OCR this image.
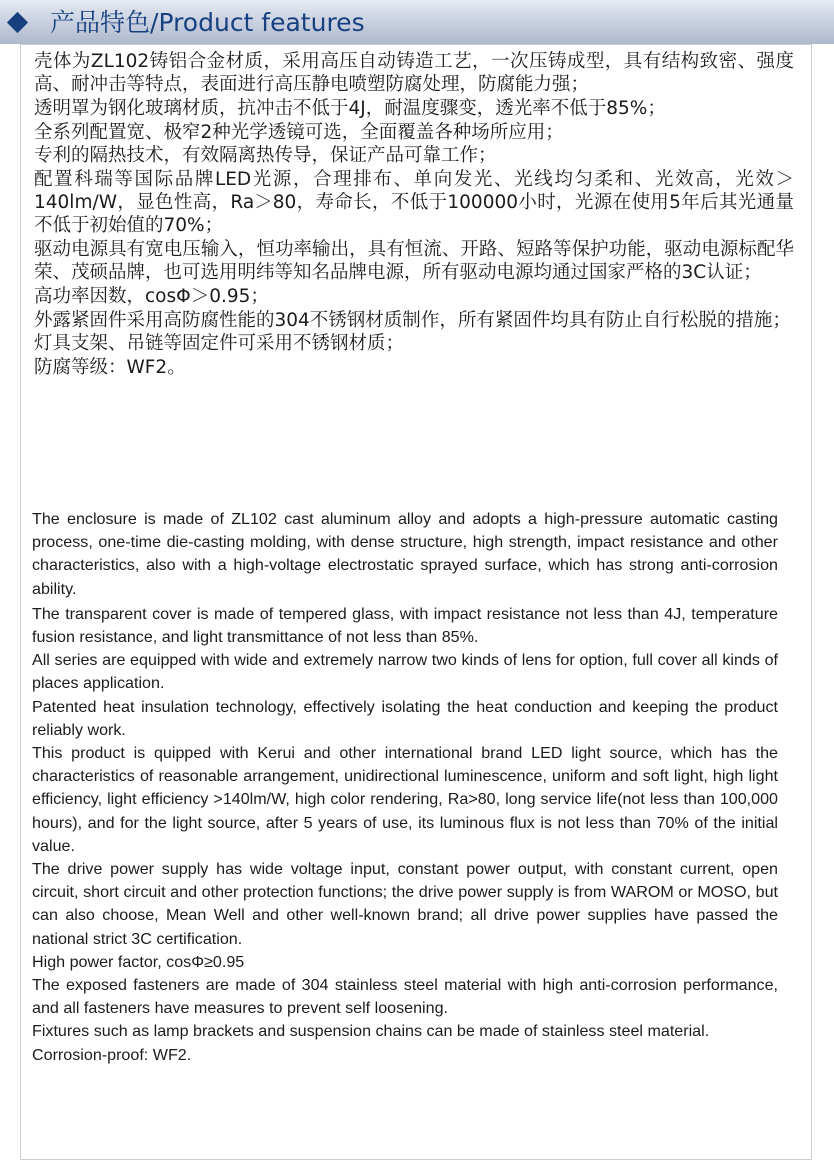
产品特色/Product features
壳体为ZL102铸铝合金材质，采用高压自动铸造工艺，一次压铸成型，具有结构致密、强度高、耐冲击等特点，表面进行高压静电喷塑防腐处理，防腐能力强；
透明罩为钢化玻璃材质，抗冲击不低于4J，耐温度骤变，透光率不低于85%；
全系列配置宽、极窄2种光学透镜可选，全面覆盖各种场所应用；
专利的隔热技术，有效隔离热传导，保证产品可靠工作；
配置科瑞等国际品牌LED光源，合理排布、单向发光、光线均匀柔和、光效高，光效＞140lm/W，显色性高，Ra＞80，寿命长，不低于100000小时，光源在使用5年后其光通量不低于初始值的70%；
驱动电源具有宽电压输入，恒功率输出，具有恒流、开路、短路等保护功能，驱动电源标配华荣、茂硕品牌，也可选用明纬等知名品牌电源，所有驱动电源均通过国家严格的3C认证；
高功率因数，cosΦ＞0.95；
外露紧固件采用高防腐性能的304不锈钢材质制作，所有紧固件均具有防止自行松脱的措施；
灯具支架、吊链等固定件可采用不锈钢材质；
防腐等级：WF2。
The enclosure is made of ZL102 cast aluminum alloy and adopts a high-pressure automatic casting process, one-time die-casting molding, with dense structure, high strength, impact resistance and other characteristics, also with a high-voltage electrostatic sprayed surface, which has strong anti-corrosion ability.
The transparent cover is made of tempered glass, with impact resistance not less than 4J, temperature fusion resistance, and light transmittance of not less than 85%.
All series are equipped with wide and extremely narrow two kinds of lens for option, full cover all kinds of places application.
Patented heat insulation technology, effectively isolating the heat conduction and keeping the product reliably work.
This product is quipped with Kerui and other international brand LED light source, which has the characteristics of reasonable arrangement, unidirectional luminescence, uniform and soft light, high light efficiency, light efficiency >140lm/W, high color rendering, Ra>80, long service life(not less than 100,000 hours), and for the light source, after 5 years of use, its luminous flux is not less than 70% of the initial value.
The drive power supply has wide voltage input, constant power output, with constant current, open circuit, short circuit and other protection functions; the drive power supply is from WAROM or MOSO, but can also choose, Mean Well and other well-known brand; all drive power supplies have passed the national strict 3C certification.
High power factor, cosΦ≥0.95
The exposed fasteners are made of 304 stainless steel material with high anti-corrosion performance, and all fasteners have measures to prevent self loosening.
Fixtures such as lamp brackets and suspension chains can be made of stainless steel material.
Corrosion-proof: WF2.
